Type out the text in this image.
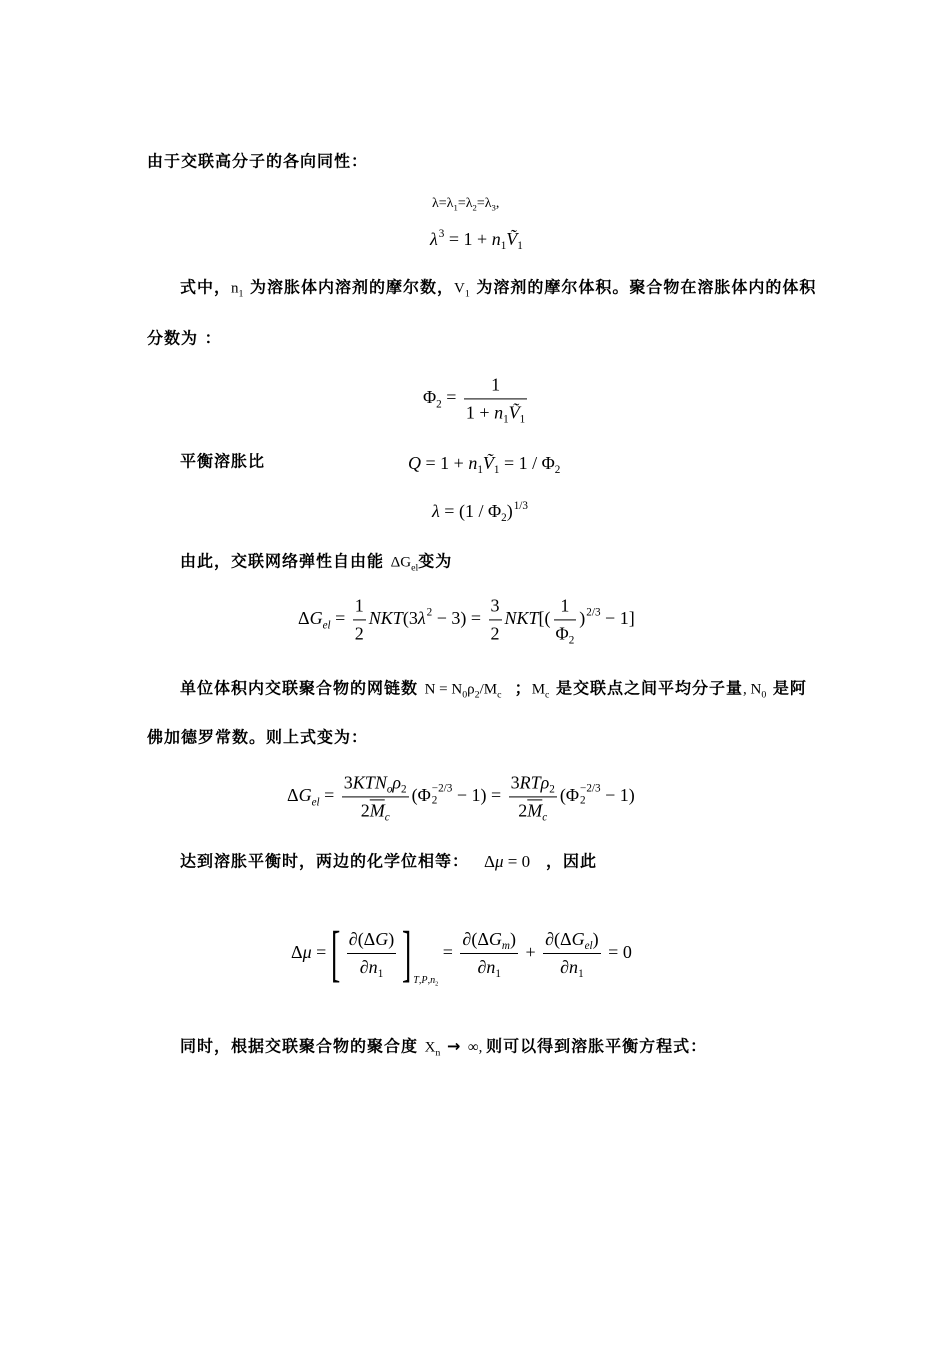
由于交联高分子的各向同性：
$\lambda=\lambda_1=\lambda_2=\lambda_3$,
$\lambda^3 = 1$ + $n_1Ṽ_1$
式中，$n_1$ 为溶胀体内溶剂的摩尔数，$V_1$ 为溶剂的摩尔体积。聚合物在溶胀体内的体积
分数为 ：
$\Phi_2 = \frac{1}{1 + n_1Ṽ_1}$
平衡溶胀比	$Q = 1 + n_1Ṽ_1 = 1 / \Phi_2$
$\lambda = (1 / \Phi_2)^{1/3}$
由此，交联网络弹性自由能 $\Delta G_{el}$变为
$\Delta G_{el} = \frac{1}{2} NKT(3\lambda^2 - 3) = \frac{3}{2} NKT[( \frac{1}{\Phi_2} )^{2/3} - 1]$
单位体积内交联聚合物的网链数 $N = N_0\rho_2/M_c$  ；$M_c$ 是交联点之间平均分子量, $N_0$ 是阿
佛加德罗常数。则上式变为：
$\Delta G_{el} = \frac{3KTN_o\rho_2}{2\overline{M}_c} (\Phi -2/3$
$2 - 1) = \frac{3RT\rho_2}{2\overline{M}_c} (\Phi -2/3$
2 − 1)
达到溶胀平衡时，两边的化学位相等： Δμ = 0 ，因此
Δμ = [ $\frac{\partial(\Delta G)}{\partial n_1}$ ] $T,P,n_2$
= $\frac{\partial(\Delta G_m)}{\partial n_1} + \frac{\partial(\Delta G_{el})}{\partial n_1} = 0$
同时，根据交联聚合物的聚合度 $X_n$ → ∞, 则可以得到溶胀平衡方程式：
